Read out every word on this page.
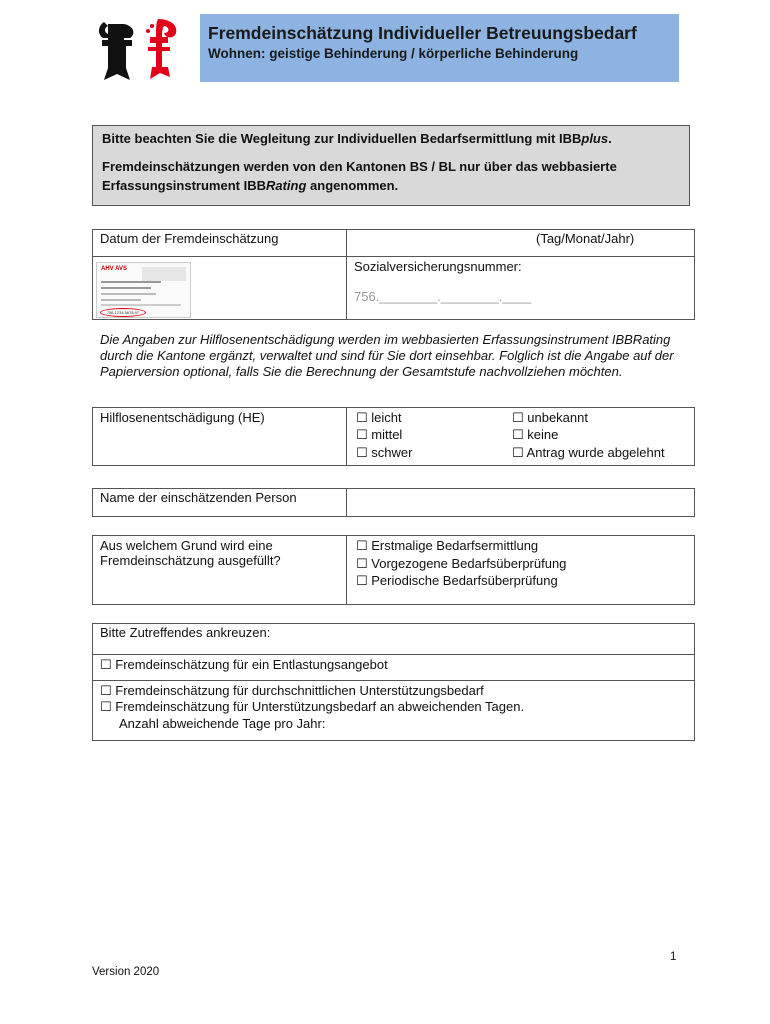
Fremdeinschätzung Individueller Betreuungsbedarf
Wohnen: geistige Behinderung / körperliche Behinderung
Bitte beachten Sie die Wegleitung zur Individuellen Bedarfsermittlung mit IBBplus.
Fremdeinschätzungen werden von den Kantonen BS / BL nur über das webbasierte
Erfassungsinstrument IBBRating angenommen.
Datum der Fremdeinschätzung	(Tag/Monat/Jahr)
Sozialversicherungsnummer:
756.________.________.____
AHV AVS
756.1234.5678.97
Die Angaben zur Hilflosenentschädigung werden im webbasierten Erfassungsinstrument IBBRating durch die Kantone ergänzt, verwaltet und sind für Sie dort einsehbar. Folglich ist die Angabe auf der Papierversion optional, falls Sie die Berechnung der Gesamtstufe nachvollziehen möchten.
Hilflosenentschädigung (HE)	☐ leicht
☐ mittel
☐ schwer
☐ unbekannt
☐ keine
☐ Antrag wurde abgelehnt
Name der einschätzenden Person
Aus welchem Grund wird eine
Fremdeinschätzung ausgefüllt?
☐ Erstmalige Bedarfsermittlung
☐ Vorgezogene Bedarfsüberprüfung
☐ Periodische Bedarfsüberprüfung
Bitte Zutreffendes ankreuzen:
☐ Fremdeinschätzung für ein Entlastungsangebot
☐ Fremdeinschätzung für durchschnittlichen Unterstützungsbedarf
☐ Fremdeinschätzung für Unterstützungsbedarf an abweichenden Tagen.
Anzahl abweichende Tage pro Jahr:
1
Version 2020
